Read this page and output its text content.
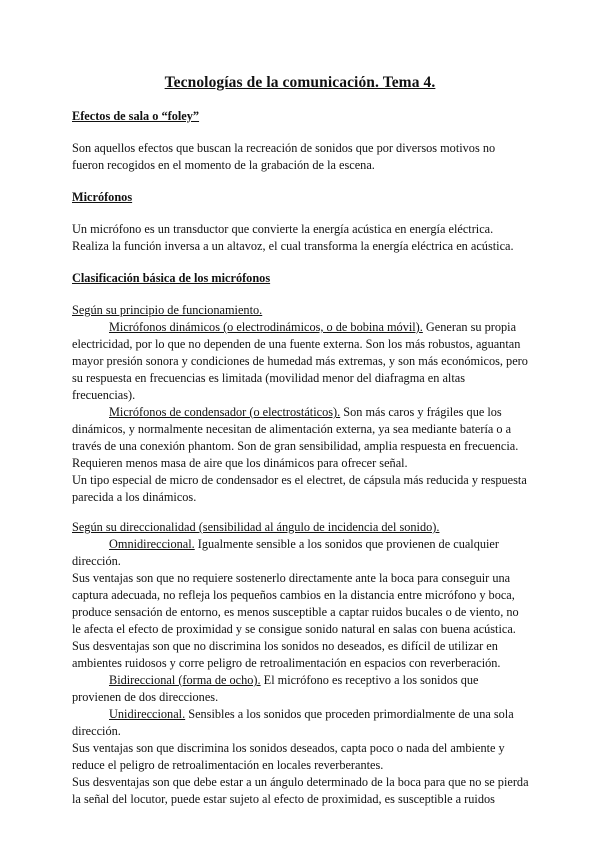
Tecnologías de la comunicación. Tema 4.

Efectos de sala o “foley”

Son aquellos efectos que buscan la recreación de sonidos que por diversos motivos no fueron recogidos en el momento de la grabación de la escena.

Micrófonos

Un micrófono es un transductor que convierte la energía acústica en energía eléctrica. Realiza la función inversa a un altavoz, el cual transforma la energía eléctrica en acústica.

Clasificación básica de los micrófonos

Según su principio de funcionamiento.

Micrófonos dinámicos (o electrodinámicos, o de bobina móvil). Generan su propia electricidad, por lo que no dependen de una fuente externa. Son los más robustos, aguantan mayor presión sonora y condiciones de humedad más extremas, y son más económicos, pero su respuesta en frecuencias es limitada (movilidad menor del diafragma en altas frecuencias).

Micrófonos de condensador (o electrostáticos). Son más caros y frágiles que los dinámicos, y normalmente necesitan de alimentación externa, ya sea mediante batería o a través de una conexión phantom. Son de gran sensibilidad, amplia respuesta en frecuencia. Requieren menos masa de aire que los dinámicos para ofrecer señal.

Un tipo especial de micro de condensador es el electret, de cápsula más reducida y respuesta parecida a los dinámicos.

Según su direccionalidad (sensibilidad al ángulo de incidencia del sonido).

Omnidireccional. Igualmente sensible a los sonidos que provienen de cualquier dirección.

Sus ventajas son que no requiere sostenerlo directamente ante la boca para conseguir una captura adecuada, no refleja los pequeños cambios en la distancia entre micrófono y boca, produce sensación de entorno, es menos susceptible a captar ruidos bucales o de viento, no le afecta el efecto de proximidad y se consigue sonido natural en salas con buena acústica.

Sus desventajas son que no discrimina los sonidos no deseados, es difícil de utilizar en ambientes ruidosos y corre peligro de retroalimentación en espacios con reverberación.

Bidireccional (forma de ocho). El micrófono es receptivo a los sonidos que provienen de dos direcciones.

Unidireccional. Sensibles a los sonidos que proceden primordialmente de una sola dirección.

Sus ventajas son que discrimina los sonidos deseados, capta poco o nada del ambiente y reduce el peligro de retroalimentación en locales reverberantes.

Sus desventajas son que debe estar a un ángulo determinado de la boca para que no se pierda la señal del locutor, puede estar sujeto al efecto de proximidad, es susceptible a ruidos
